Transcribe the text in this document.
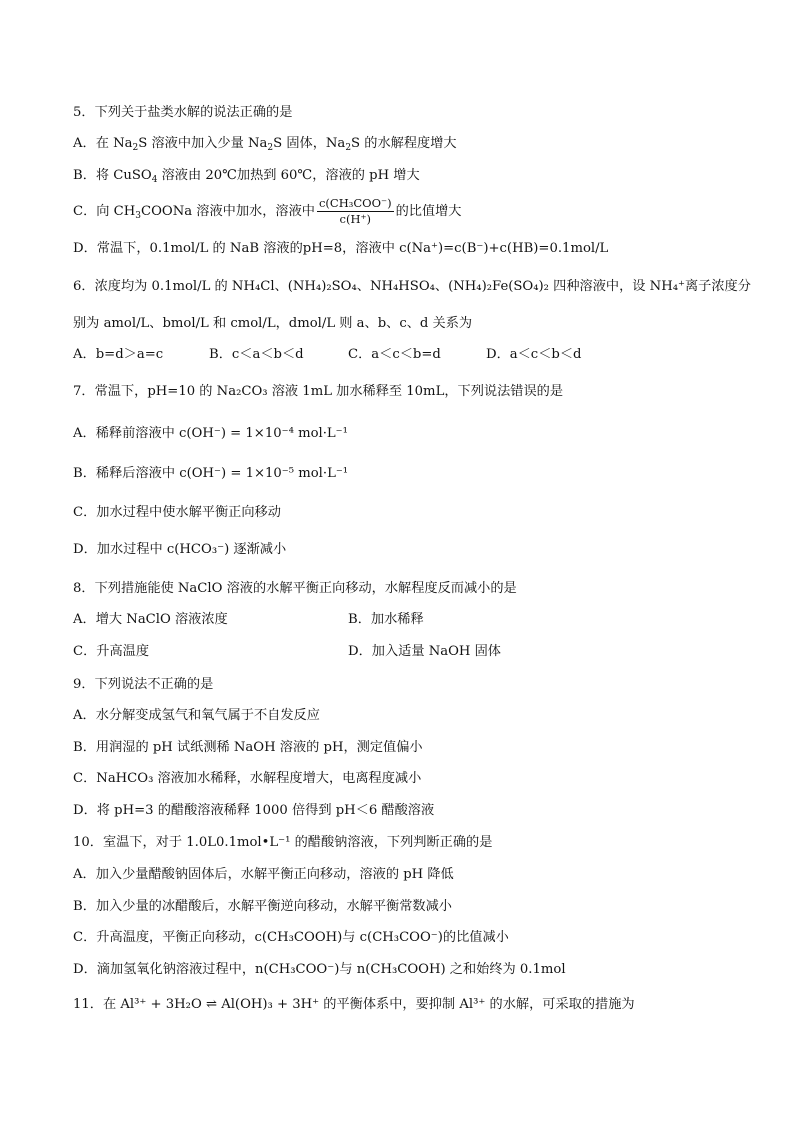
5．下列关于盐类水解的说法正确的是
A．在 $Na_2S$ 溶液中加入少量 $Na_2S$ 固体，$Na_2S$ 的水解程度增大
B．将 CuSO$_4$ 溶液由 20℃加热到 60℃，溶液的 pH 增大
C．向 $CH_3COONa$ 溶液中加水，溶液中 $\frac{\text{c(CH₃COO⁻)}}{c(H^+)}$ 的比值增大
D．常温下，0.1mol/L 的 NaB 溶液的pH=8，溶液中 c(Na⁺)=c(B⁻)+c(HB)=0.1mol/L
6．浓度均为 0.1mol/L 的 NH₄Cl、(NH₄)₂SO₄、NH₄HSO₄、(NH₄)₂Fe(SO₄)₂ 四种溶液中，设 NH₄⁺离子浓度分
别为 amol/L、bmol/L 和 cmol/L，dmol/L 则 a、b、c、d 关系为
A．b=d＞a=c	B．c＜a＜b＜d	C．a＜c＜b=d	D．a＜c＜b＜d
7．常温下，pH=10 的 Na₂CO₃ 溶液 1mL 加水稀释至 10mL，下列说法错误的是
A．稀释前溶液中 c(OH⁻) = 1×10⁻⁴ mol·L⁻¹
B．稀释后溶液中 c(OH⁻) = 1×10⁻⁵ mol·L⁻¹
C．加水过程中使水解平衡正向移动
D．加水过程中 c(HCO₃⁻) 逐渐减小
8．下列措施能使 NaClO 溶液的水解平衡正向移动，水解程度反而减小的是
A．增大 NaClO 溶液浓度	B．加水稀释
C．升高温度	D．加入适量 NaOH 固体
9．下列说法不正确的是
A．水分解变成氢气和氧气属于不自发反应
B．用润湿的 pH 试纸测稀 NaOH 溶液的 pH，测定值偏小
C．NaHCO₃ 溶液加水稀释，水解程度增大，电离程度减小
D．将 pH=3 的醋酸溶液稀释 1000 倍得到 pH＜6 醋酸溶液
10．室温下，对于 1.0L0.1mol•L⁻¹ 的醋酸钠溶液，下列判断正确的是
A．加入少量醋酸钠固体后，水解平衡正向移动，溶液的 pH 降低
B．加入少量的冰醋酸后，水解平衡逆向移动，水解平衡常数减小
C．升高温度，平衡正向移动，c(CH₃COOH)与 c(CH₃COO⁻)的比值减小
D．滴加氢氧化钠溶液过程中，n(CH₃COO⁻)与 n(CH₃COOH) 之和始终为 0.1mol
11．在 Al³⁺ + 3H₂O ⇌ Al(OH)₃ + 3H⁺ 的平衡体系中，要抑制 Al³⁺ 的水解，可采取的措施为
